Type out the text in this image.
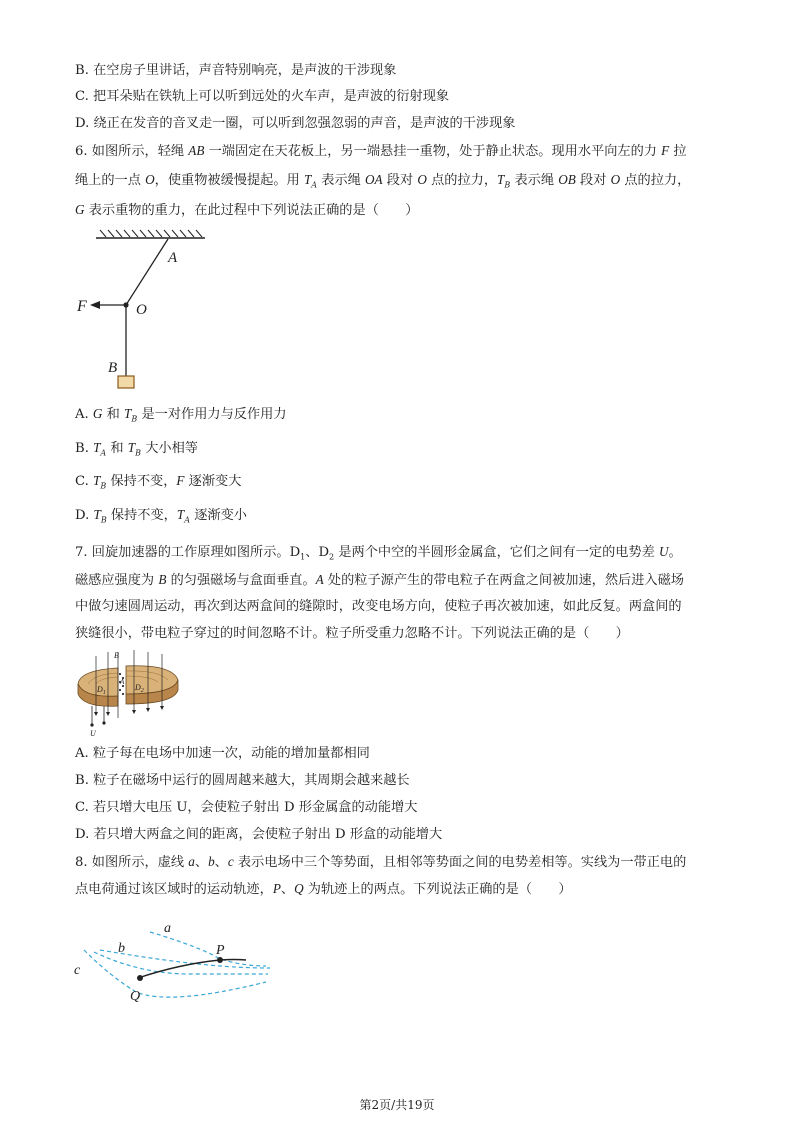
B. 在空房子里讲话，声音特别响亮，是声波的干涉现象
C. 把耳朵贴在铁轨上可以听到远处的火车声，是声波的衍射现象
D. 绕正在发音的音叉走一圈，可以听到忽强忽弱的声音，是声波的干涉现象
6. 如图所示，轻绳 AB 一端固定在天花板上，另一端悬挂一重物，处于静止状态。现用水平向左的力 F 拉
绳上的一点 O，使重物被缓慢提起。用 $T_A$ 表示绳 OA 段对 O 点的拉力，$T_B$ 表示绳 OB 段对 O 点的拉力，
G 表示重物的重力，在此过程中下列说法正确的是（　　）
A
O
F
B
A. G 和 $T_B$ 是一对作用力与反作用力
B. $T_A$ 和 $T_B$ 大小相等
C. $T_B$ 保持不变，F 逐渐变大
D. $T_B$ 保持不变，$T_A$ 逐渐变小
7. 回旋加速器的工作原理如图所示。$D_1$、$D_2$ 是两个中空的半圆形金属盒，它们之间有一定的电势差 U。
磁感应强度为 B 的匀强磁场与盒面垂直。A 处的粒子源产生的带电粒子在两盒之间被加速，然后进入磁场
中做匀速圆周运动，再次到达两盒间的缝隙时，改变电场方向，使粒子再次被加速，如此反复。两盒间的
狭缝很小，带电粒子穿过的时间忽略不计。粒子所受重力忽略不计。下列说法正确的是（　　）
B
$D_1$
$D_2$
A
U
A. 粒子每在电场中加速一次，动能的增加量都相同
B. 粒子在磁场中运行的圆周越来越大，其周期会越来越长
C. 若只增大电压 U，会使粒子射出 D 形金属盒的动能增大
D. 若只增大两盒之间的距离，会使粒子射出 D 形盒的动能增大
8. 如图所示，虚线 a、b、c 表示电场中三个等势面，且相邻等势面之间的电势差相等。实线为一带正电的
点电荷通过该区域时的运动轨迹，P、Q 为轨迹上的两点。下列说法正确的是（　　）
a
b
c
P
Q
第2页/共19页
